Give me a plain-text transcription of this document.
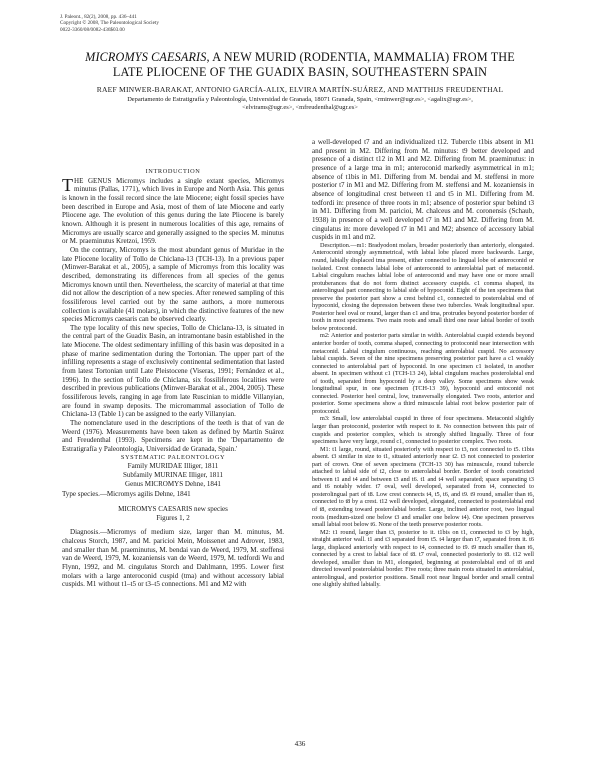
J. Paleont., 82(2), 2008, pp. 436–441
Copyright © 2008, The Paleontological Society
0022-3360/08/0082-436$03.00
MICROMYS CAESARIS, A NEW MURID (RODENTIA, MAMMALIA) FROM THE
LATE PLIOCENE OF THE GUADIX BASIN, SOUTHEASTERN SPAIN
RAEF MINWER-BARAKAT, ANTONIO GARCÍA-ALIX, ELVIRA MARTÍN-SUÁREZ, AND MATTHIJS FREUDENTHAL
Departamento de Estratigrafía y Paleontología, Universidad de Granada, 18071 Granada, Spain, <rminwer@ugr.es>, <agalix@ugr.es>,
<elvirams@ugr.es>, <mfreudenthal@ugr.es>

INTRODUCTION

THE GENUS Micromys includes a single extant species, Micromys minutus (Pallas, 1771), which lives in Europe and North Asia. This genus is known in the fossil record since the late Miocene; eight fossil species have been described in Europe and Asia, most of them of late Miocene and early Pliocene age. The evolution of this genus during the late Pliocene is barely known. Although it is present in numerous localities of this age, remains of Micromys are usually scarce and generally assigned to the species M. minutus or M. praeminutus Kretzoi, 1959.

On the contrary, Micromys is the most abundant genus of Muridae in the late Pliocene locality of Tollo de Chiclana-13 (TCH-13). In a previous paper (Minwer-Barakat et al., 2005), a sample of Micromys from this locality was described, demonstrating its differences from all species of the genus Micromys known until then. Nevertheless, the scarcity of material at that time did not allow the description of a new species. After renewed sampling of this fossiliferous level carried out by the same authors, a more numerous collection is available (41 molars), in which the distinctive features of the new species Micromys caesaris can be observed clearly.

The type locality of this new species, Tollo de Chiclana-13, is situated in the central part of the Guadix Basin, an intramontane basin established in the late Miocene. The oldest sedimentary infilling of this basin was deposited in a phase of marine sedimentation during the Tortonian. The upper part of the infilling represents a stage of exclusively continental sedimentation that lasted from latest Tortonian until Late Pleistocene (Viseras, 1991; Fernández et al., 1996). In the section of Tollo de Chiclana, six fossiliferous localities were described in previous publications (Minwer-Barakat et al., 2004, 2005). These fossiliferous levels, ranging in age from late Ruscinian to middle Villanyian, are found in swamp deposits. The micromammal association of Tollo de Chiclana-13 (Table 1) can be assigned to the early Villanyian.

The nomenclature used in the descriptions of the teeth is that of van de Weerd (1976). Measurements have been taken as defined by Martín Suárez and Freudenthal (1993). Specimens are kept in the 'Departamento de Estratigrafía y Paleontología, Universidad de Granada, Spain.'

SYSTEMATIC PALEONTOLOGY

Family MURIDAE Illiger, 1811

Subfamily MURINAE Illiger, 1811

Genus MICROMYS Dehne, 1841

Type species.—Micromys agilis Dehne, 1841

MICROMYS CAESARIS new species

Figures 1, 2

Diagnosis.—Micromys of medium size, larger than M. minutus, M. chalceus Storch, 1987, and M. paricioi Mein, Moissenet and Adrover, 1983, and smaller than M. praeminutus, M. bendai van de Weerd, 1979, M. steffensi van de Weerd, 1979, M. kozaniensis van de Weerd, 1979, M. tedfordi Wu and Flynn, 1992, and M. cingulatus Storch and Dahlmann, 1995. Lower first molars with a large anteroconid cuspid (tma) and without accessory labial cuspids. M1 without t1–t5 or t3–t5 connections. M1 and M2 with

a well-developed t7 and an individualized t12. Tubercle t1bis absent in M1 and present in M2. Differing from M. minutus: t9 better developed and presence of a distinct t12 in M1 and M2. Differing from M. praeminutus: in presence of a large tma in m1; anteroconid markedly asymmetrical in m1; absence of t1bis in M1. Differing from M. bendai and M. steffensi in more posterior t7 in M1 and M2. Differing from M. steffensi and M. kozaniensis in absence of longitudinal crest between t1 and t5 in M1. Differing from M. tedfordi in: presence of three roots in m1; absence of posterior spur behind t3 in M1. Differing from M. paricioi, M. chalceus and M. coronensis (Schaub, 1938) in presence of a well developed t7 in M1 and M2. Differing from M. cingulatus in: more developed t7 in M1 and M2; absence of accessory labial cuspids in m1 and m2.

Description.—m1: Bradyodont molars, broader posteriorly than anteriorly, elongated. Anteroconid strongly asymmetrical, with labial lobe placed more backwards. Large, round, labially displaced tma present, either connected to lingual lobe of anteroconid or isolated. Crest connects labial lobe of anteroconid to anterolabial part of metaconid. Labial cingulum reaches labial lobe of anteroconid and may have one or more small protuberances that do not form distinct accessory cuspids. c1 comma shaped, its anterolingual part connecting to labial side of hypoconid. Eight of the ten specimens that preserve the posterior part show a crest behind c1, connected to posterolabial end of hypoconid, closing the depression between these two tubercles. Weak longitudinal spur. Posterior heel oval or round, larger than c1 and tma, protrudes beyond posterior border of tooth in most specimens. Two main roots and small third one near labial border of tooth below protoconid.

m2: Anterior and posterior parts similar in width. Anterolabial cuspid extends beyond anterior border of tooth, comma shaped, connecting to protoconid near intersection with metaconid. Labial cingulum continuous, reaching anterolabial cuspid. No accessory labial cuspids. Seven of the nine specimens preserving posterior part have a c1 weakly connected to anterolabial part of hypoconid. In one specimen c1 isolated, in another absent. In specimen without c1 (TCH-13 24), labial cingulum reaches posterolabial end of tooth, separated from hypoconid by a deep valley. Some specimens show weak longitudinal spur, in one specimen (TCH-13 39), hypoconid and entoconid not connected. Posterior heel central, low, transversally elongated. Two roots, anterior and posterior. Some specimens show a third minuscule labial root below posterior pair of protoconid.

m3: Small, low anterolabial cuspid in three of four specimens. Metaconid slightly larger than protoconid, posterior with respect to it. No connection between this pair of cuspids and posterior complex, which is strongly shifted lingually. Three of four specimens have very large, round c1, connected to posterior complex. Two roots.

M1: t1 large, round, situated posteriorly with respect to t3, not connected to t5. t1bis absent. t3 similar in size to t1, situated anteriorly near t2. t3 not connected to posterior part of crown. One of seven specimens (TCH-13 30) has minuscule, round tubercle attached to labial side of t2, close to anterolabial border. Border of tooth constricted between t1 and t4 and between t3 and t6. t1 and t4 well separated; space separating t3 and t6 notably wider. t7 oval, well developed, separated from t4, connected to posterolingual part of t8. Low crest connects t4, t5, t6, and t9. t9 round, smaller than t6, connected to t8 by a crest. t12 well developed, elongated, connected to posterolabial end of t8, extending toward posterolabial border. Large, inclined anterior root, two lingual roots (medium-sized one below t3 and smaller one below t4). One specimen preserves small labial root below t6. None of the teeth preserve posterior roots.

M2: t1 round, larger than t3, posterior to it. t1bis on t1, connected to t3 by high, straight anterior wall. t1 and t3 separated from t5. t4 larger than t7, separated from it. t6 large, displaced anteriorly with respect to t4, connected to t9. t9 much smaller than t6, connected by a crest to labial face of t8. t7 oval, connected posteriorly to t8. t12 well developed, smaller than in M1, elongated, beginning at posterolabial end of t8 and directed toward posterolabial border. Five roots; three main roots situated in anterolabial, anterolingual, and posterior positions. Small root near lingual border and small central one slightly shifted labially.

436
